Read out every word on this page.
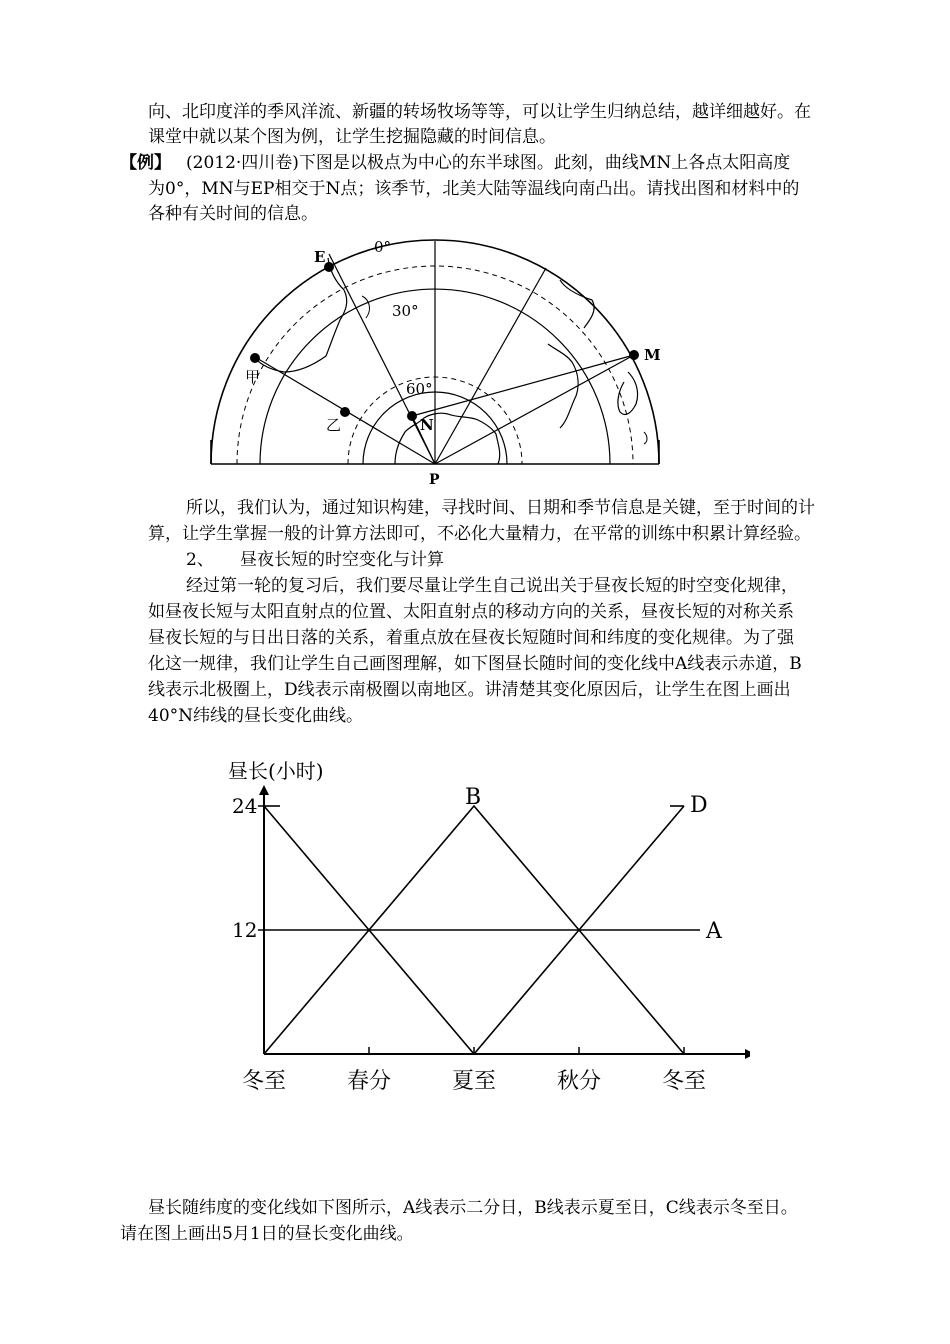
向、北印度洋的季风洋流、新疆的转场牧场等等，可以让学生归纳总结，越详细越好。在
课堂中就以某个图为例，让学生挖掘隐藏的时间信息。
【例】 (2012·四川卷)下图是以极点为中心的东半球图。此刻，曲线MN上各点太阳高度
为0°，MN与EP相交于N点；该季节，北美大陆等温线向南凸出。请找出图和材料中的
各种有关时间的信息。
E
0°
30°
60°
M
N
P
甲
乙
所以，我们认为，通过知识构建，寻找时间、日期和季节信息是关键，至于时间的计
算，让学生掌握一般的计算方法即可，不必化大量精力，在平常的训练中积累计算经验。
2、 昼夜长短的时空变化与计算
经过第一轮的复习后，我们要尽量让学生自己说出关于昼夜长短的时空变化规律，
如昼夜长短与太阳直射点的位置、太阳直射点的移动方向的关系，昼夜长短的对称关系
昼夜长短的与日出日落的关系，着重点放在昼夜长短随时间和纬度的变化规律。为了强
化这一规律，我们让学生自己画图理解，如下图昼长随时间的变化线中A线表示赤道，B
线表示北极圈上，D线表示南极圈以南地区。讲清楚其变化原因后，让学生在图上画出
40°N纬线的昼长变化曲线。
昼长(小时)
24
12
冬至	春分	夏至	秋分	冬至
A
B	D
昼长随纬度的变化线如下图所示，A线表示二分日，B线表示夏至日，C线表示冬至日。
请在图上画出5月1日的昼长变化曲线。
